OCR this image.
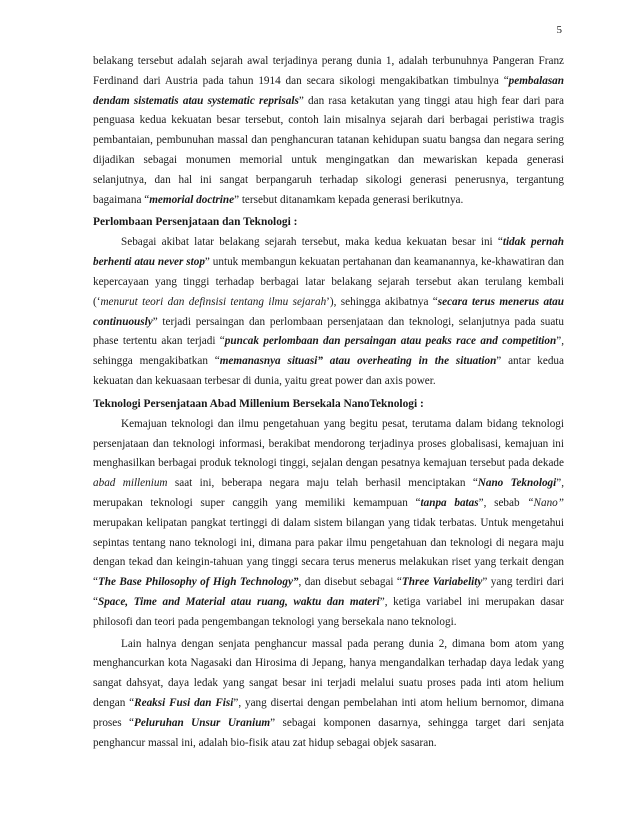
5

belakang tersebut adalah sejarah awal terjadinya perang dunia 1, adalah terbunuhnya Pangeran Franz Ferdinand dari Austria pada tahun 1914 dan secara sikologi mengakibatkan timbulnya “pembalasan dendam sistematis atau systematic reprisals” dan rasa ketakutan yang tinggi atau high fear dari para penguasa kedua kekuatan besar tersebut, contoh lain misalnya sejarah dari berbagai peristiwa tragis pembantaian, pembunuhan massal dan penghancuran tatanan kehidupan suatu bangsa dan negara sering dijadikan sebagai monumen memorial untuk mengingatkan dan mewariskan kepada generasi selanjutnya, dan hal ini sangat berpangaruh terhadap sikologi generasi penerusnya, tergantung bagaimana “memorial doctrine” tersebut ditanamkam kepada generasi berikutnya.

Perlombaan Persenjataan dan Teknologi :

Sebagai akibat latar belakang sejarah tersebut, maka kedua kekuatan besar ini “tidak pernah berhenti atau never stop” untuk membangun kekuatan pertahanan dan keamanannya, ke-khawatiran dan kepercayaan yang tinggi terhadap berbagai latar belakang sejarah tersebut akan terulang kembali (‘menurut teori dan definsisi tentang ilmu sejarah’), sehingga akibatnya “secara terus menerus atau continuously” terjadi persaingan dan perlombaan persenjataan dan teknologi, selanjutnya pada suatu phase tertentu akan terjadi “puncak perlombaan dan persaingan atau peaks race and competition”, sehingga mengakibatkan “memanasnya situasi” atau overheating in the situation” antar kedua kekuatan dan kekuasaan terbesar di dunia, yaitu great power dan axis power.

Teknologi Persenjataan Abad Millenium Bersekala NanoTeknologi :

Kemajuan teknologi dan ilmu pengetahuan yang begitu pesat, terutama dalam bidang teknologi persenjataan dan teknologi informasi, berakibat mendorong terjadinya proses globalisasi, kemajuan ini menghasilkan berbagai produk teknologi tinggi, sejalan dengan pesatnya kemajuan tersebut pada dekade abad millenium saat ini, beberapa negara maju telah berhasil menciptakan “Nano Teknologi”, merupakan teknologi super canggih yang memiliki kemampuan “tanpa batas”, sebab “Nano” merupakan kelipatan pangkat tertinggi di dalam sistem bilangan yang tidak terbatas. Untuk mengetahui sepintas tentang nano teknologi ini, dimana para pakar ilmu pengetahuan dan teknologi di negara maju dengan tekad dan keingin-tahuan yang tinggi secara terus menerus melakukan riset yang terkait dengan “The Base Philosophy of High Technology”, dan disebut sebagai “Three Variabelity” yang terdiri dari “Space, Time and Material atau ruang, waktu dan materi”, ketiga variabel ini merupakan dasar philosofi dan teori pada pengembangan teknologi yang bersekala nano teknologi.

Lain halnya dengan senjata penghancur massal pada perang dunia 2, dimana bom atom yang menghancurkan kota Nagasaki dan Hirosima di Jepang, hanya mengandalkan terhadap daya ledak yang sangat dahsyat, daya ledak yang sangat besar ini terjadi melalui suatu proses pada inti atom helium dengan “Reaksi Fusi dan Fisi”, yang disertai dengan pembelahan inti atom helium bernomor, dimana proses “Peluruhan Unsur Uranium” sebagai komponen dasarnya, sehingga target dari senjata penghancur massal ini, adalah bio-fisik atau zat hidup sebagai objek sasaran.
